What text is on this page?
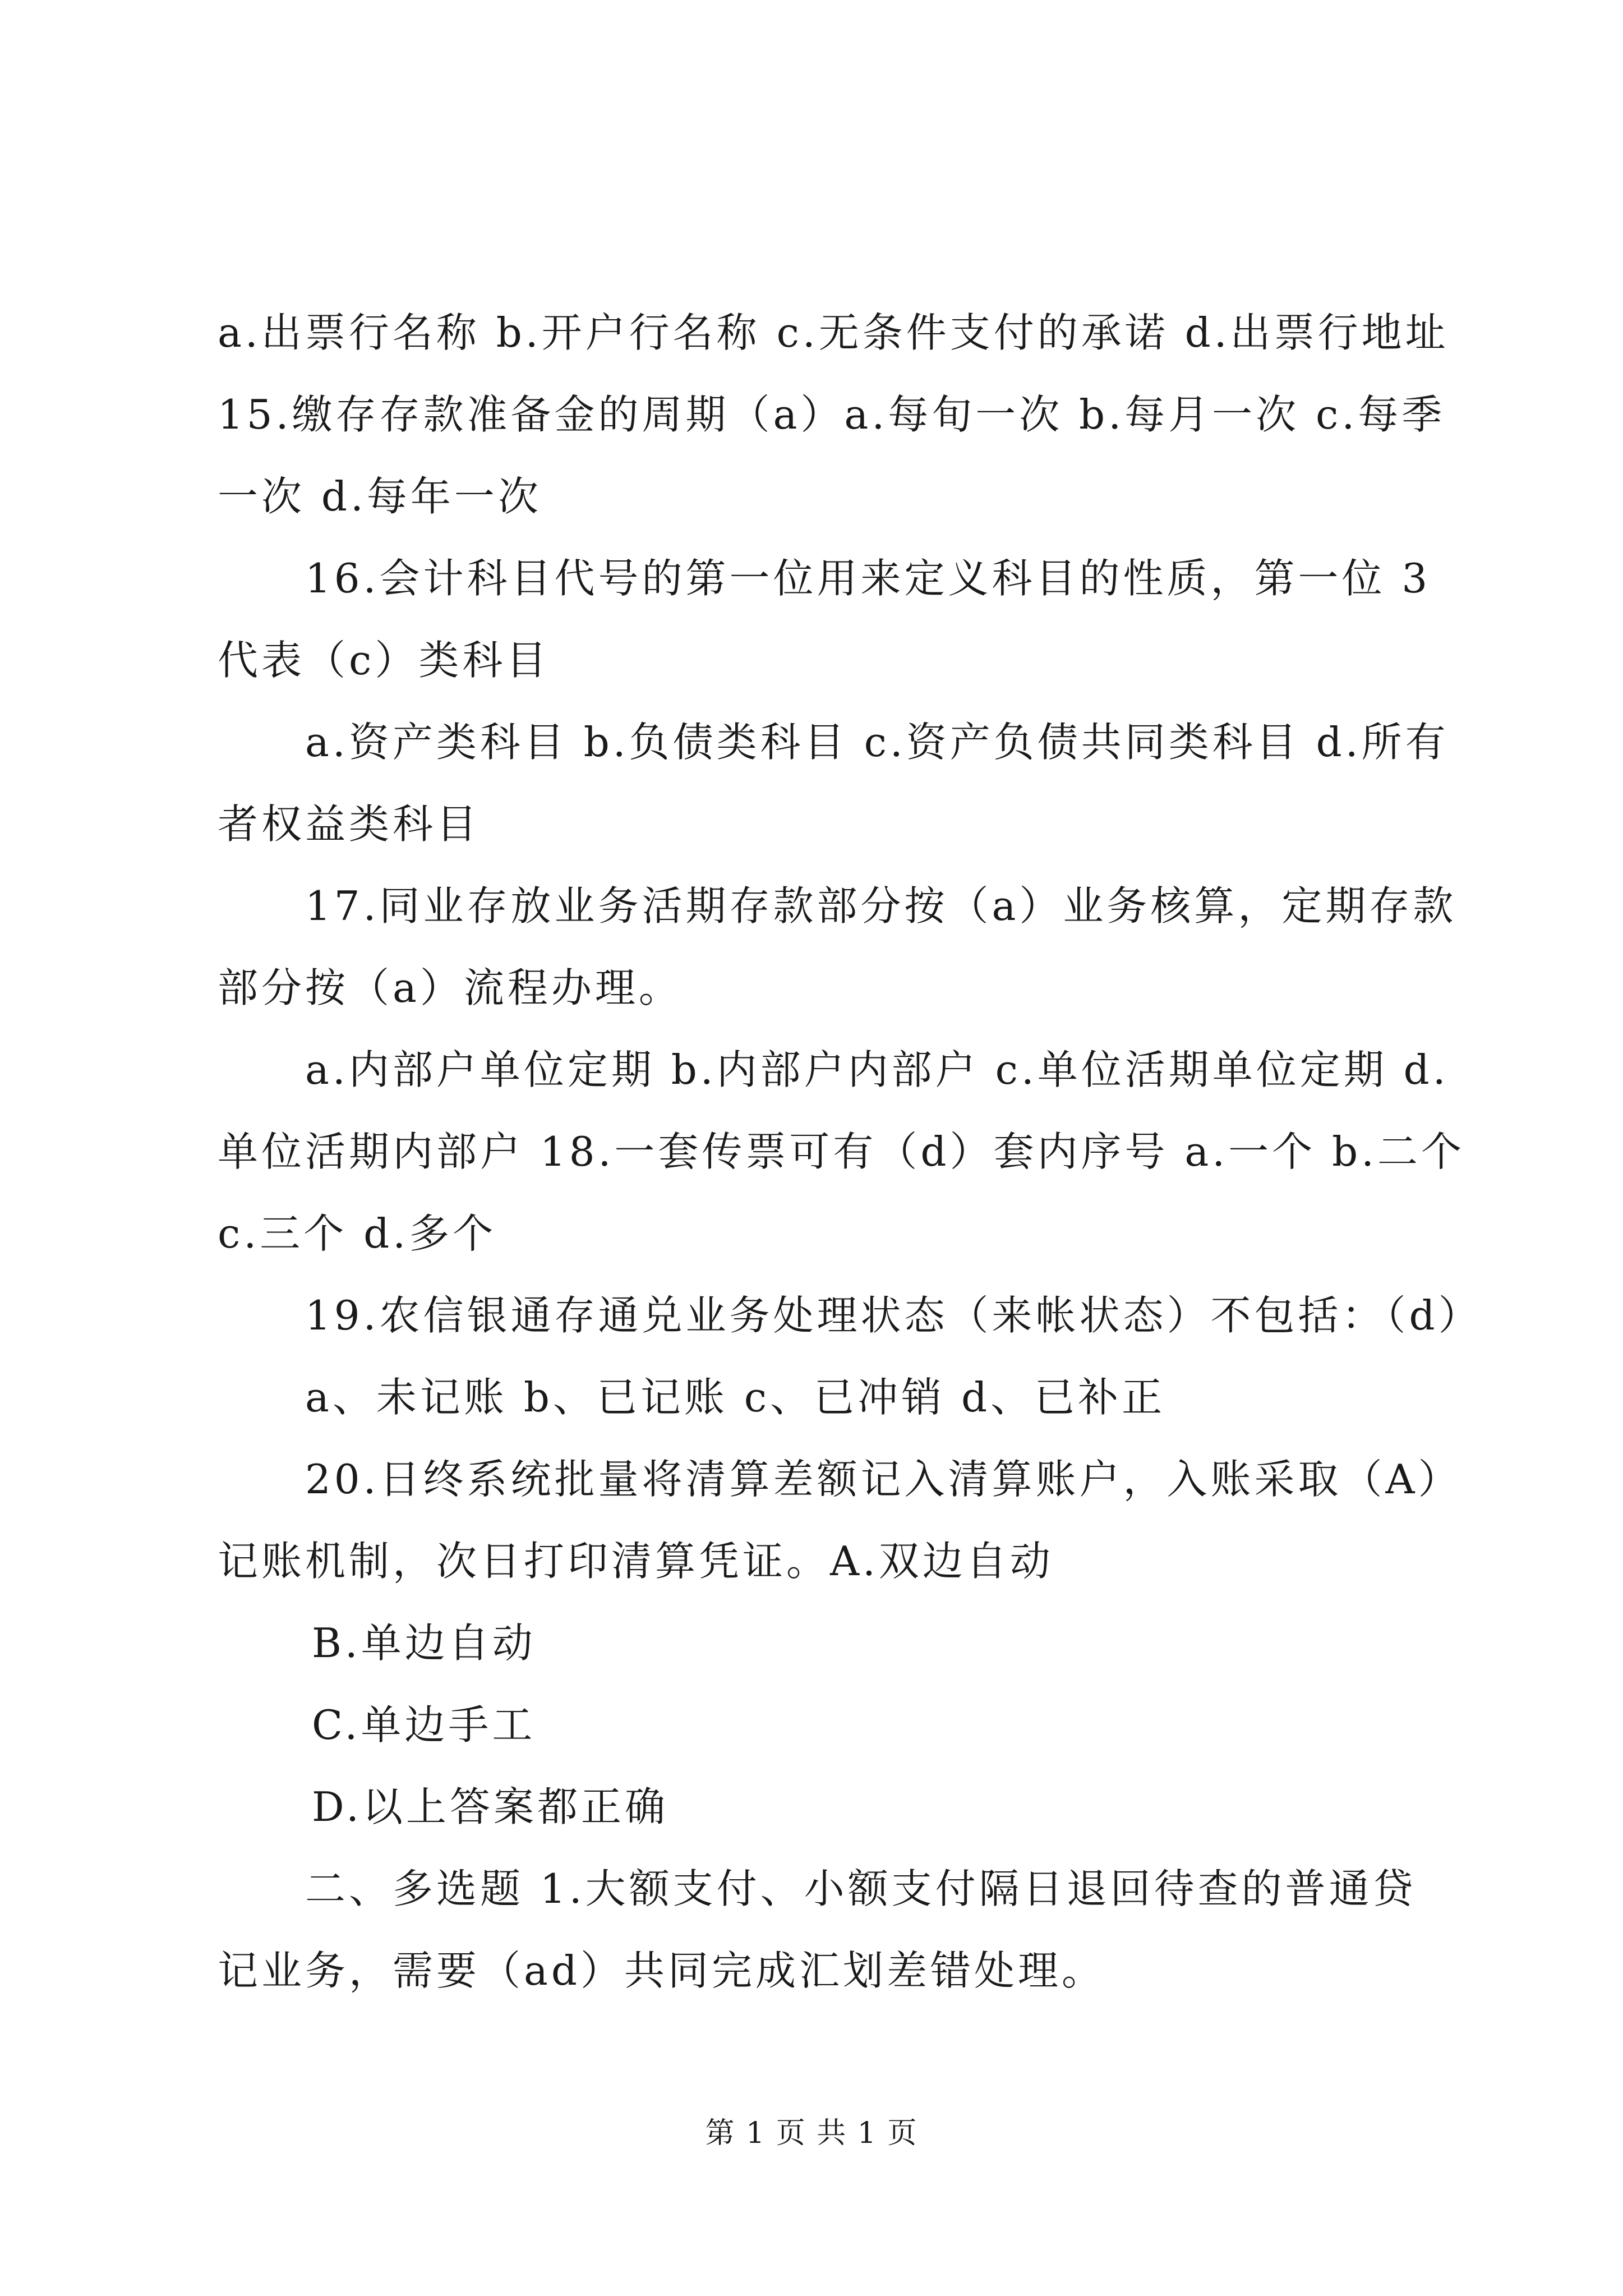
a.出票行名称 b.开户行名称 c.无条件支付的承诺 d.出票行地址
15.缴存存款准备金的周期（a）a.每旬一次 b.每月一次 c.每季
一次 d.每年一次
16.会计科目代号的第一位用来定义科目的性质，第一位 3
代表（c）类科目
a.资产类科目 b.负债类科目 c.资产负债共同类科目 d.所有
者权益类科目
17.同业存放业务活期存款部分按（a）业务核算，定期存款
部分按（a）流程办理。
a.内部户单位定期 b.内部户内部户 c.单位活期单位定期 d.
单位活期内部户 18.一套传票可有（d）套内序号 a.一个 b.二个
c.三个 d.多个
19.农信银通存通兑业务处理状态（来帐状态）不包括：（d）
a、未记账 b、已记账 c、已冲销 d、已补正
20.日终系统批量将清算差额记入清算账户，入账采取（A）
记账机制，次日打印清算凭证。A.双边自动
B.单边自动
C.单边手工
D.以上答案都正确
二、多选题 1.大额支付、小额支付隔日退回待查的普通贷
记业务，需要（ad）共同完成汇划差错处理。
第 1 页 共 1 页
